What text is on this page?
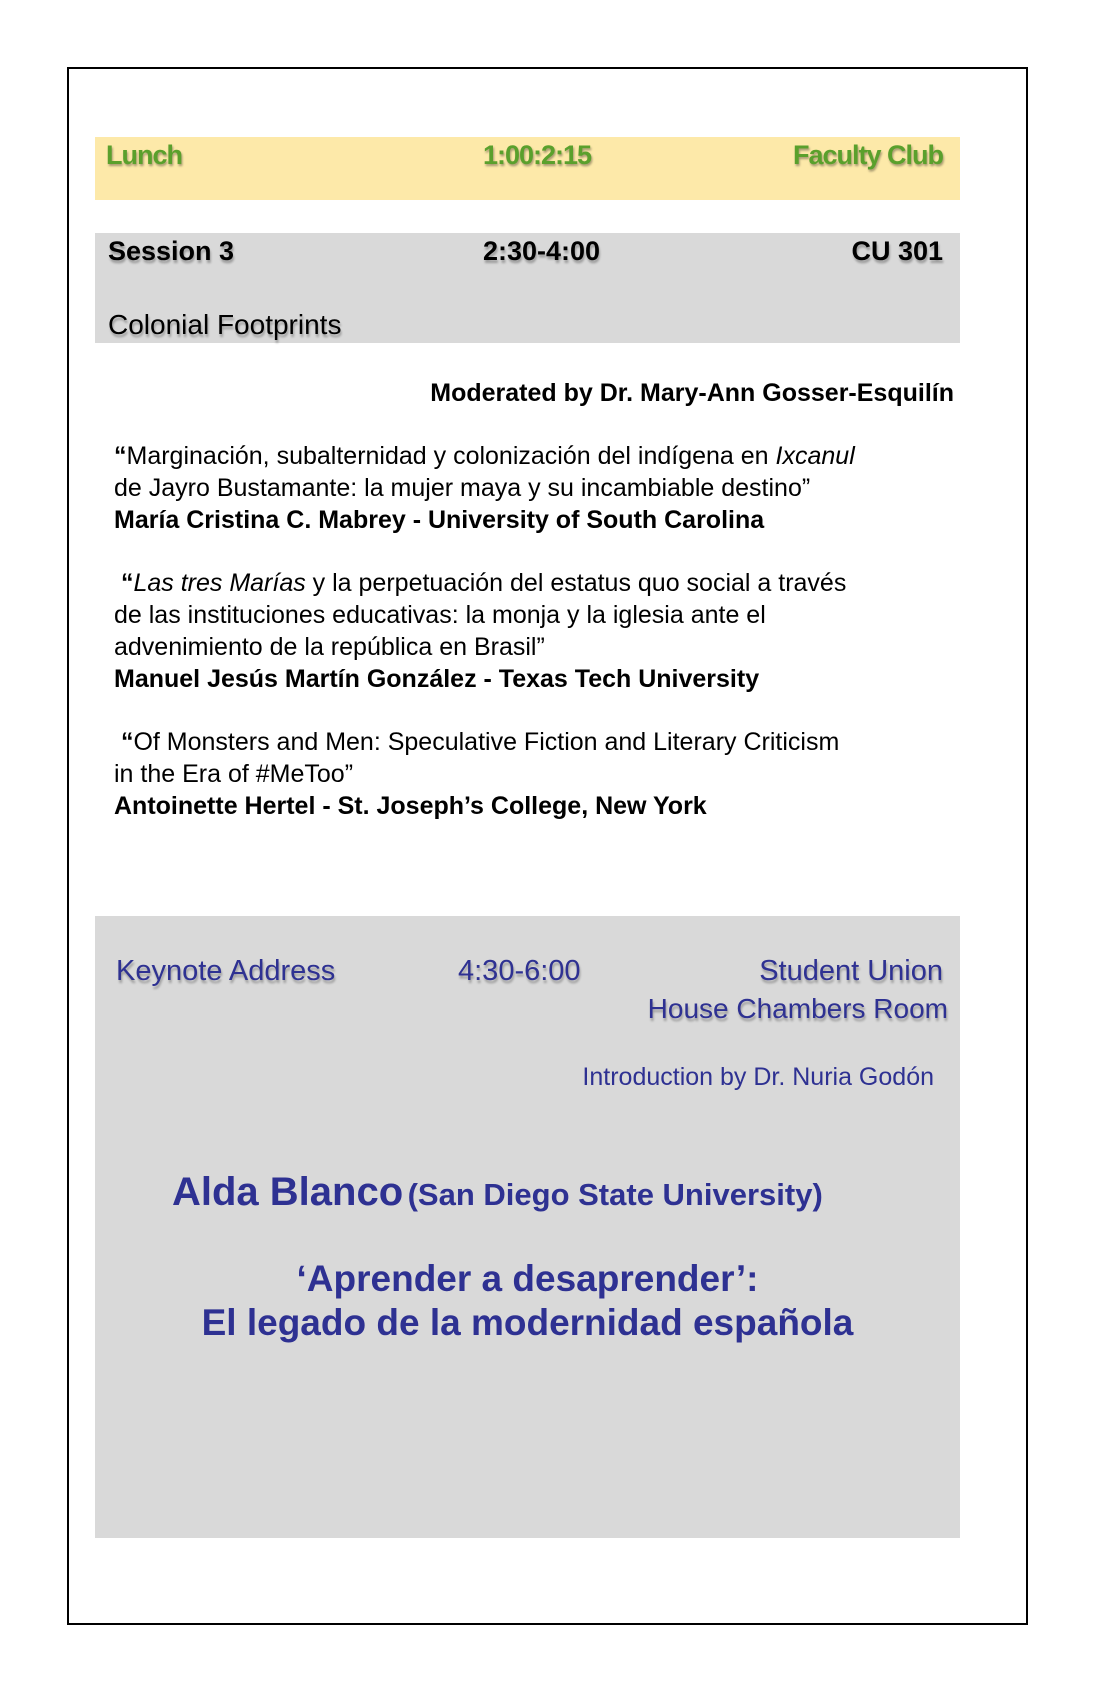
Lunch	1:00:2:15	Faculty Club
Session 3	2:30-4:00	CU 301
Colonial Footprints
Moderated by Dr. Mary-Ann Gosser-Esquilín
“Marginación, subalternidad y colonización del indígena en Ixcanul
de Jayro Bustamante: la mujer maya y su incambiable destino”
María Cristina C. Mabrey - University of South Carolina
“Las tres Marías y la perpetuación del estatus quo social a través
de las instituciones educativas: la monja y la iglesia ante el
advenimiento de la república en Brasil”
Manuel Jesús Martín González - Texas Tech University
“Of Monsters and Men: Speculative Fiction and Literary Criticism
in the Era of #MeToo”
Antoinette Hertel - St. Joseph’s College, New York
Keynote Address	4:30-6:00	Student Union
House Chambers Room
Introduction by Dr. Nuria Godón
Alda Blanco (San Diego State University)
‘Aprender a desaprender’:
El legado de la modernidad española
